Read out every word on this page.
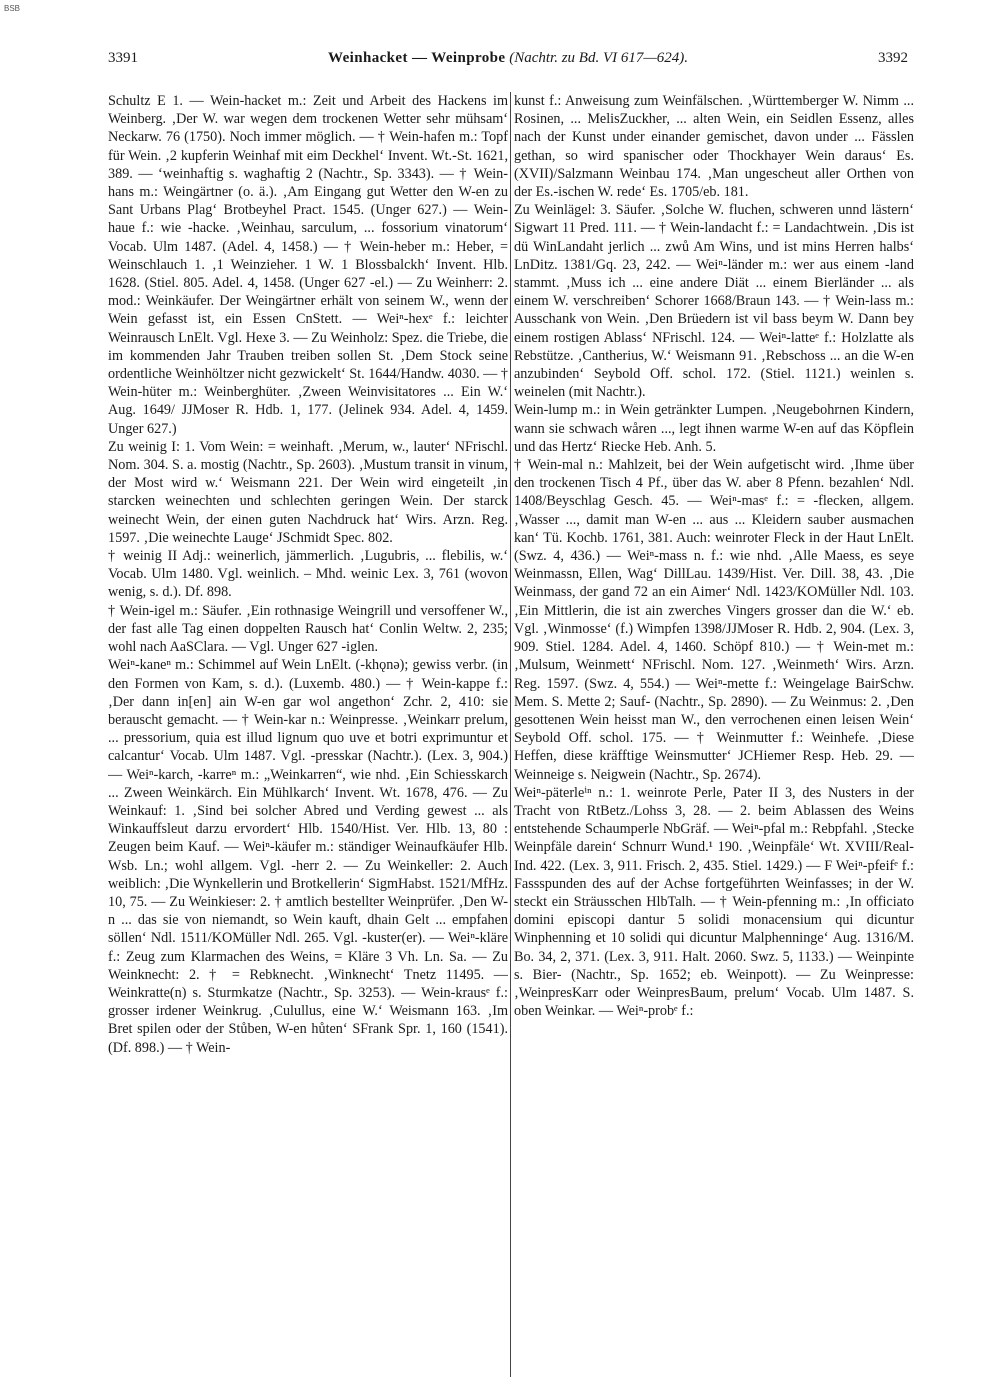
BSB
3391	Weinhacket — Weinprobe (Nachtr. zu Bd. VI 617—624).	3392

Schultz E 1. — Wein-hacket m.: Zeit und Arbeit des Hackens im Weinberg. ‚Der W. war wegen dem trockenen Wetter sehr mühsam‘ Neckarw. 76 (1750). Noch immer möglich. — † Wein-hafen m.: Topf für Wein. ‚2 kupferin Weinhaf mit eim Deckhel‘ Invent. Wt.-St. 1621, 389. — ‘weinhaftig s. waghaftig 2 (Nachtr., Sp. 3343). — † Wein-hans m.: Weingärtner (o. ä.). ‚Am Eingang gut Wetter den W-en zu Sant Urbans Plag‘ Brotbeyhel Pract. 1545. (Unger 627.) — Wein-haue f.: wie -hacke. ‚Weinhau, sarculum, ... fossorium vinatorum‘ Vocab. Ulm 1487. (Adel. 4, 1458.) — † Wein-heber m.: Heber, = Weinschlauch 1. ‚1 Weinzieher. 1 W. 1 Blossbalckh‘ Invent. Hlb. 1628. (Stiel. 805. Adel. 4, 1458. (Unger 627 -el.) — Zu Weinherr: 2. mod.: Weinkäufer. Der Weingärtner erhält von seinem W., wenn der Wein gefasst ist, ein Essen CnStett. — Weiⁿ-hexᵉ f.: leichter Weinrausch LnElt. Vgl. Hexe 3. — Zu Weinholz: Spez. die Triebe, die im kommenden Jahr Trauben treiben sollen St. ‚Dem Stock seine ordentliche Weinhöltzer nicht gezwickelt‘ St. 1644/Handw. 4030. — † Wein-hüter m.: Weinberghüter. ‚Zween Weinvisitatores ... Ein W.‘ Aug. 1649/ JJMoser R. Hdb. 1, 177. (Jelinek 934. Adel. 4, 1459. Unger 627.)

Zu weinig I: 1. Vom Wein: = weinhaft. ‚Merum, w., lauter‘ NFrischl. Nom. 304. S. a. mostig (Nachtr., Sp. 2603). ‚Mustum transit in vinum, der Most wird w.‘ Weismann 221. Der Wein wird eingeteilt ‚in starcken weinechten und schlechten geringen Wein. Der starck weinecht Wein, der einen guten Nachdruck hat‘ Wirs. Arzn. Reg. 1597. ‚Die weinechte Lauge‘ JSchmidt Spec. 802.

† weinig II Adj.: weinerlich, jämmerlich. ‚Lugubris, ... flebilis, w.‘ Vocab. Ulm 1480. Vgl. weinlich. – Mhd. weinic Lex. 3, 761 (wovon wenig, s. d.). Df. 898.

† Wein-igel m.: Säufer. ‚Ein rothnasige Weingrill und versoffener W., der fast alle Tag einen doppelten Rausch hat‘ Conlin Weltw. 2, 235; wohl nach AaSClara. — Vgl. Unger 627 -iglen.

Weiⁿ-kaneⁿ m.: Schimmel auf Wein LnElt. (-khǫnə); gewiss verbr. (in den Formen von Kam, s. d.). (Luxemb. 480.) — † Wein-kappe f.: ‚Der dann in[en] ain W-en gar wol angethon‘ Zchr. 2, 410: sie berauscht gemacht. — † Wein-kar n.: Weinpresse. ‚Weinkarr prelum, ... pressorium, quia est illud lignum quo uve et botri exprimuntur et calcantur‘ Vocab. Ulm 1487. Vgl. -presskar (Nachtr.). (Lex. 3, 904.) — Weiⁿ-karch, -karreⁿ m.: „Weinkarren“, wie nhd. ‚Ein Schiesskarch ... Zween Weinkärch. Ein Mühlkarch‘ Invent. Wt. 1678, 476. — Zu Weinkauf: 1. ‚Sind bei solcher Abred und Verding gewest ... als Winkauffsleut darzu ervordert‘ Hlb. 1540/Hist. Ver. Hlb. 13, 80 : Zeugen beim Kauf. — Weiⁿ-käufer m.: ständiger Weinaufkäufer Hlb. Wsb. Ln.; wohl allgem. Vgl. -herr 2. — Zu Weinkeller: 2. Auch weiblich: ‚Die Wynkellerin und Brotkellerin‘ SigmHabst. 1521/MfHz. 10, 75. — Zu Weinkieser: 2. † amtlich bestellter Weinprüfer. ‚Den W-n ... das sie von niemandt, so Wein kauft, dhain Gelt ... empfahen söllen‘ Ndl. 1511/KOMüller Ndl. 265. Vgl. -kuster(er). — Weiⁿ-kläre f.: Zeug zum Klarmachen des Weins, = Kläre 3 Vh. Ln. Sa. — Zu Weinknecht: 2. † = Rebknecht. ‚Winknecht‘ Tnetz 11495. — Weinkratte(n) s. Sturmkatze (Nachtr., Sp. 3253). — Wein-krausᵉ f.: grosser irdener Weinkrug. ‚Culullus, eine W.‘ Weismann 163. ‚Im Bret spilen oder der Stůben, W-en hůten‘ SFrank Spr. 1, 160 (1541). (Df. 898.) — † Wein-

kunst f.: Anweisung zum Weinfälschen. ‚Württemberger W. Nimm ... Rosinen, ... MelisZuckher, ... alten Wein, ein Seidlen Essenz, alles nach der Kunst under einander gemischet, davon under ... Fässlen gethan, so wird spanischer oder Thockhayer Wein daraus‘ Es. (XVII)/Salzmann Weinbau 174. ‚Man ungescheut aller Orthen von der Es.-ischen W. rede‘ Es. 1705/eb. 181.

Zu Weinlägel: 3. Säufer. ‚Solche W. fluchen, schweren unnd lästern‘ Sigwart 11 Pred. 111. — † Wein-landacht f.: = Landachtwein. ‚Dis ist dü WinLandaht jerlich ... zwů Am Wins, und ist mins Herren halbs‘ LnDitz. 1381/Gq. 23, 242. — Weiⁿ-länder m.: wer aus einem -land stammt. ‚Muss ich ... eine andere Diät ... einem Bierländer ... als einem W. verschreiben‘ Schorer 1668/Braun 143. — † Wein-lass m.: Ausschank von Wein. ‚Den Brüedern ist vil bass beym W. Dann bey einem rostigen Ablass‘ NFrischl. 124. — Weiⁿ-latteᵉ f.: Holzlatte als Rebstütze. ‚Cantherius, W.‘ Weismann 91. ‚Rebschoss ... an die W-en anzubinden‘ Seybold Off. schol. 172. (Stiel. 1121.) weinlen s. weinelen (mit Nachtr.).

Wein-lump m.: in Wein getränkter Lumpen. ‚Neugebohrnen Kindern, wann sie schwach wåren ..., legt ihnen warme W-en auf das Köpflein und das Hertz‘ Riecke Heb. Anh. 5.

† Wein-mal n.: Mahlzeit, bei der Wein aufgetischt wird. ‚Ihme über den trockenen Tisch 4 Pf., über das W. aber 8 Pfenn. bezahlen‘ Ndl. 1408/Beyschlag Gesch. 45. — Weiⁿ-masᵉ f.: = -flecken, allgem. ‚Wasser ..., damit man W-en ... aus ... Kleidern sauber ausmachen kan‘ Tü. Kochb. 1761, 381. Auch: weinroter Fleck in der Haut LnElt. (Swz. 4, 436.) — Weiⁿ-mass n. f.: wie nhd. ‚Alle Maess, es seye Weinmassn, Ellen, Wag‘ DillLau. 1439/Hist. Ver. Dill. 38, 43. ‚Die Weinmass, der gand 72 an ein Aimer‘ Ndl. 1423/KOMüller Ndl. 103. ‚Ein Mittlerin, die ist ain zwerches Vingers grosser dan die W.‘ eb. Vgl. ‚Winmosse‘ (f.) Wimpfen 1398/JJMoser R. Hdb. 2, 904. (Lex. 3, 909. Stiel. 1284. Adel. 4, 1460. Schöpf 810.) — † Wein-met m.: ‚Mulsum, Weinmett‘ NFrischl. Nom. 127. ‚Weinmeth‘ Wirs. Arzn. Reg. 1597. (Swz. 4, 554.) — Weiⁿ-mette f.: Weingelage BairSchw. Mem. S. Mette 2; Sauf- (Nachtr., Sp. 2890). — Zu Weinmus: 2. ‚Den gesottenen Wein heisst man W., den verrochenen einen leisen Wein‘ Seybold Off. schol. 175. — † Weinmutter f.: Weinhefe. ‚Diese Heffen, diese kräfftige Weinsmutter‘ JCHiemer Resp. Heb. 29. — Weinneige s. Neigwein (Nachtr., Sp. 2674).

Weiⁿ-päterleⁱⁿ n.: 1. weinrote Perle, Pater II 3, des Nusters in der Tracht von RtBetz./Lohss 3, 28. — 2. beim Ablassen des Weins entstehende Schaumperle NbGräf. — Weiⁿ-pfal m.: Rebpfahl. ‚Stecke Weinpfäle darein‘ Schnurr Wund.¹ 190. ‚Weinpfäle‘ Wt. XVIII/Real-Ind. 422. (Lex. 3, 911. Frisch. 2, 435. Stiel. 1429.) — F Weiⁿ-pfeifᵉ f.: Fassspunden des auf der Achse fortgeführten Weinfasses; in der W. steckt ein Sträusschen HlbTalh. — † Wein-pfenning m.: ‚In officiato domini episcopi dantur 5 solidi monacensium qui dicuntur Winphenning et 10 solidi qui dicuntur Malphenninge‘ Aug. 1316/M. Bo. 34, 2, 371. (Lex. 3, 911. Halt. 2060. Swz. 5, 1133.) — Weinpinte s. Bier- (Nachtr., Sp. 1652; eb. Weinpott). — Zu Weinpresse: ‚WeinpresKarr oder WeinpresBaum, prelum‘ Vocab. Ulm 1487. S. oben Weinkar. — Weiⁿ-probᵉ f.:
